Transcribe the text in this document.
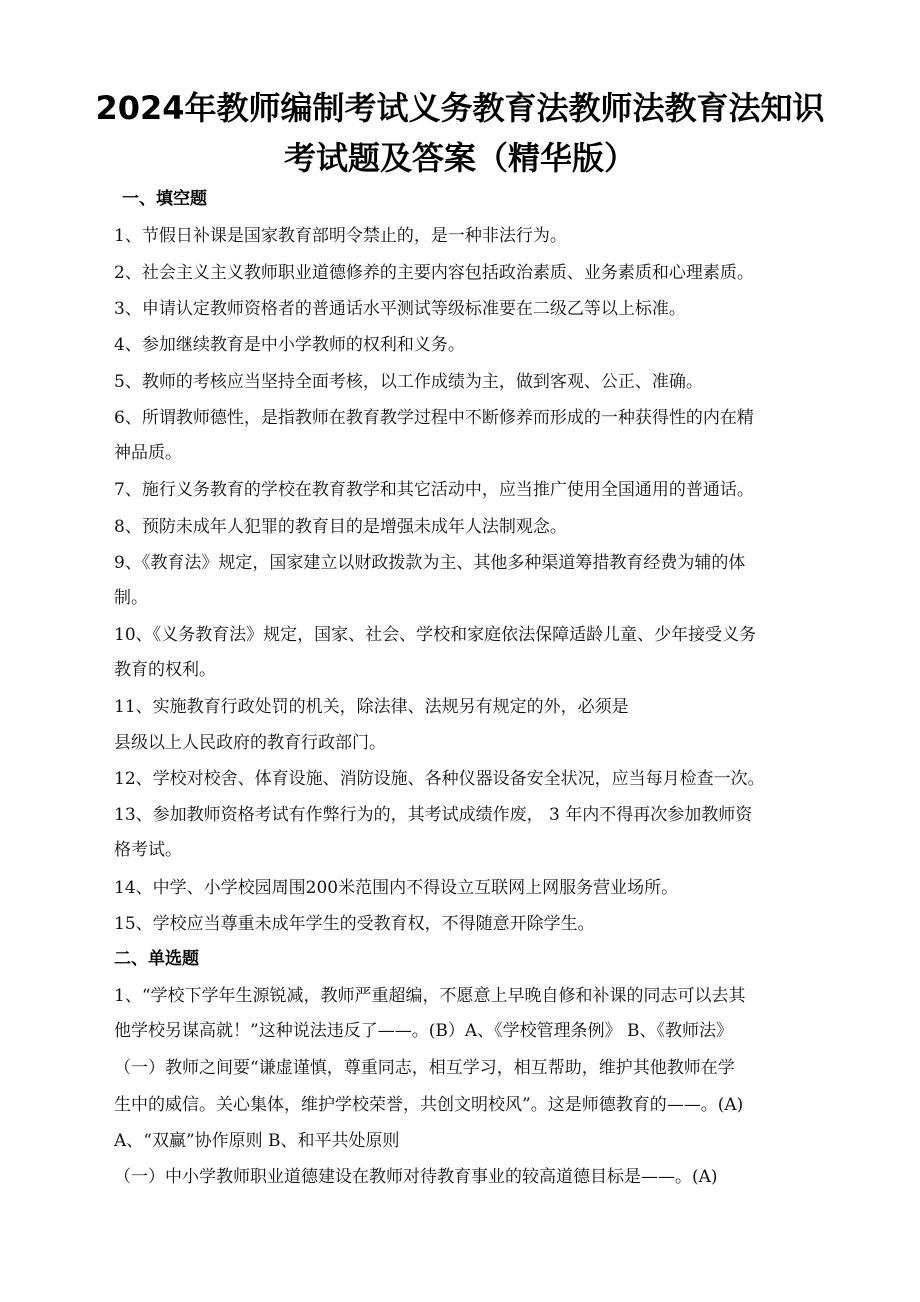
2024年教师编制考试义务教育法教师法教育法知识
考试题及答案（精华版）
一、填空题
1、节假日补课是国家教育部明令禁止的，是一种非法行为。
2、社会主义主义教师职业道德修养的主要内容包括政治素质、业务素质和心理素质。
3、申请认定教师资格者的普通话水平测试等级标准要在二级乙等以上标准。
4、参加继续教育是中小学教师的权利和义务。
5、教师的考核应当坚持全面考核，以工作成绩为主，做到客观、公正、准确。
6、所谓教师德性，是指教师在教育教学过程中不断修养而形成的一种获得性的内在精
神品质。
7、施行义务教育的学校在教育教学和其它活动中，应当推广使用全国通用的普通话。
8、预防未成年人犯罪的教育目的是增强未成年人法制观念。
9、《教育法》规定，国家建立以财政拨款为主、其他多种渠道筹措教育经费为辅的体
制。
10、《义务教育法》规定，国家、社会、学校和家庭依法保障适龄儿童、少年接受义务
教育的权利。
11、实施教育行政处罚的机关，除法律、法规另有规定的外，必须是
县级以上人民政府的教育行政部门。
12、学校对校舍、体育设施、消防设施、各种仪器设备安全状况，应当每月检查一次。
13、参加教师资格考试有作弊行为的，其考试成绩作废， 3 年内不得再次参加教师资
格考试。
14、中学、小学校园周围200米范围内不得设立互联网上网服务营业场所。
15、学校应当尊重未成年学生的受教育权，不得随意开除学生。
二、单选题
1、“学校下学年生源锐减，教师严重超编，不愿意上早晚自修和补课的同志可以去其
他学校另谋高就！”这种说法违反了——。(B）A、《学校管理条例》 B、《教师法》
（一）教师之间要“谦虚谨慎，尊重同志，相互学习，相互帮助，维护其他教师在学
生中的威信。关心集体，维护学校荣誉，共创文明校风”。这是师德教育的——。(A)
A、“双赢”协作原则 B、和平共处原则
（一）中小学教师职业道德建设在教师对待教育事业的较高道德目标是——。(A)
